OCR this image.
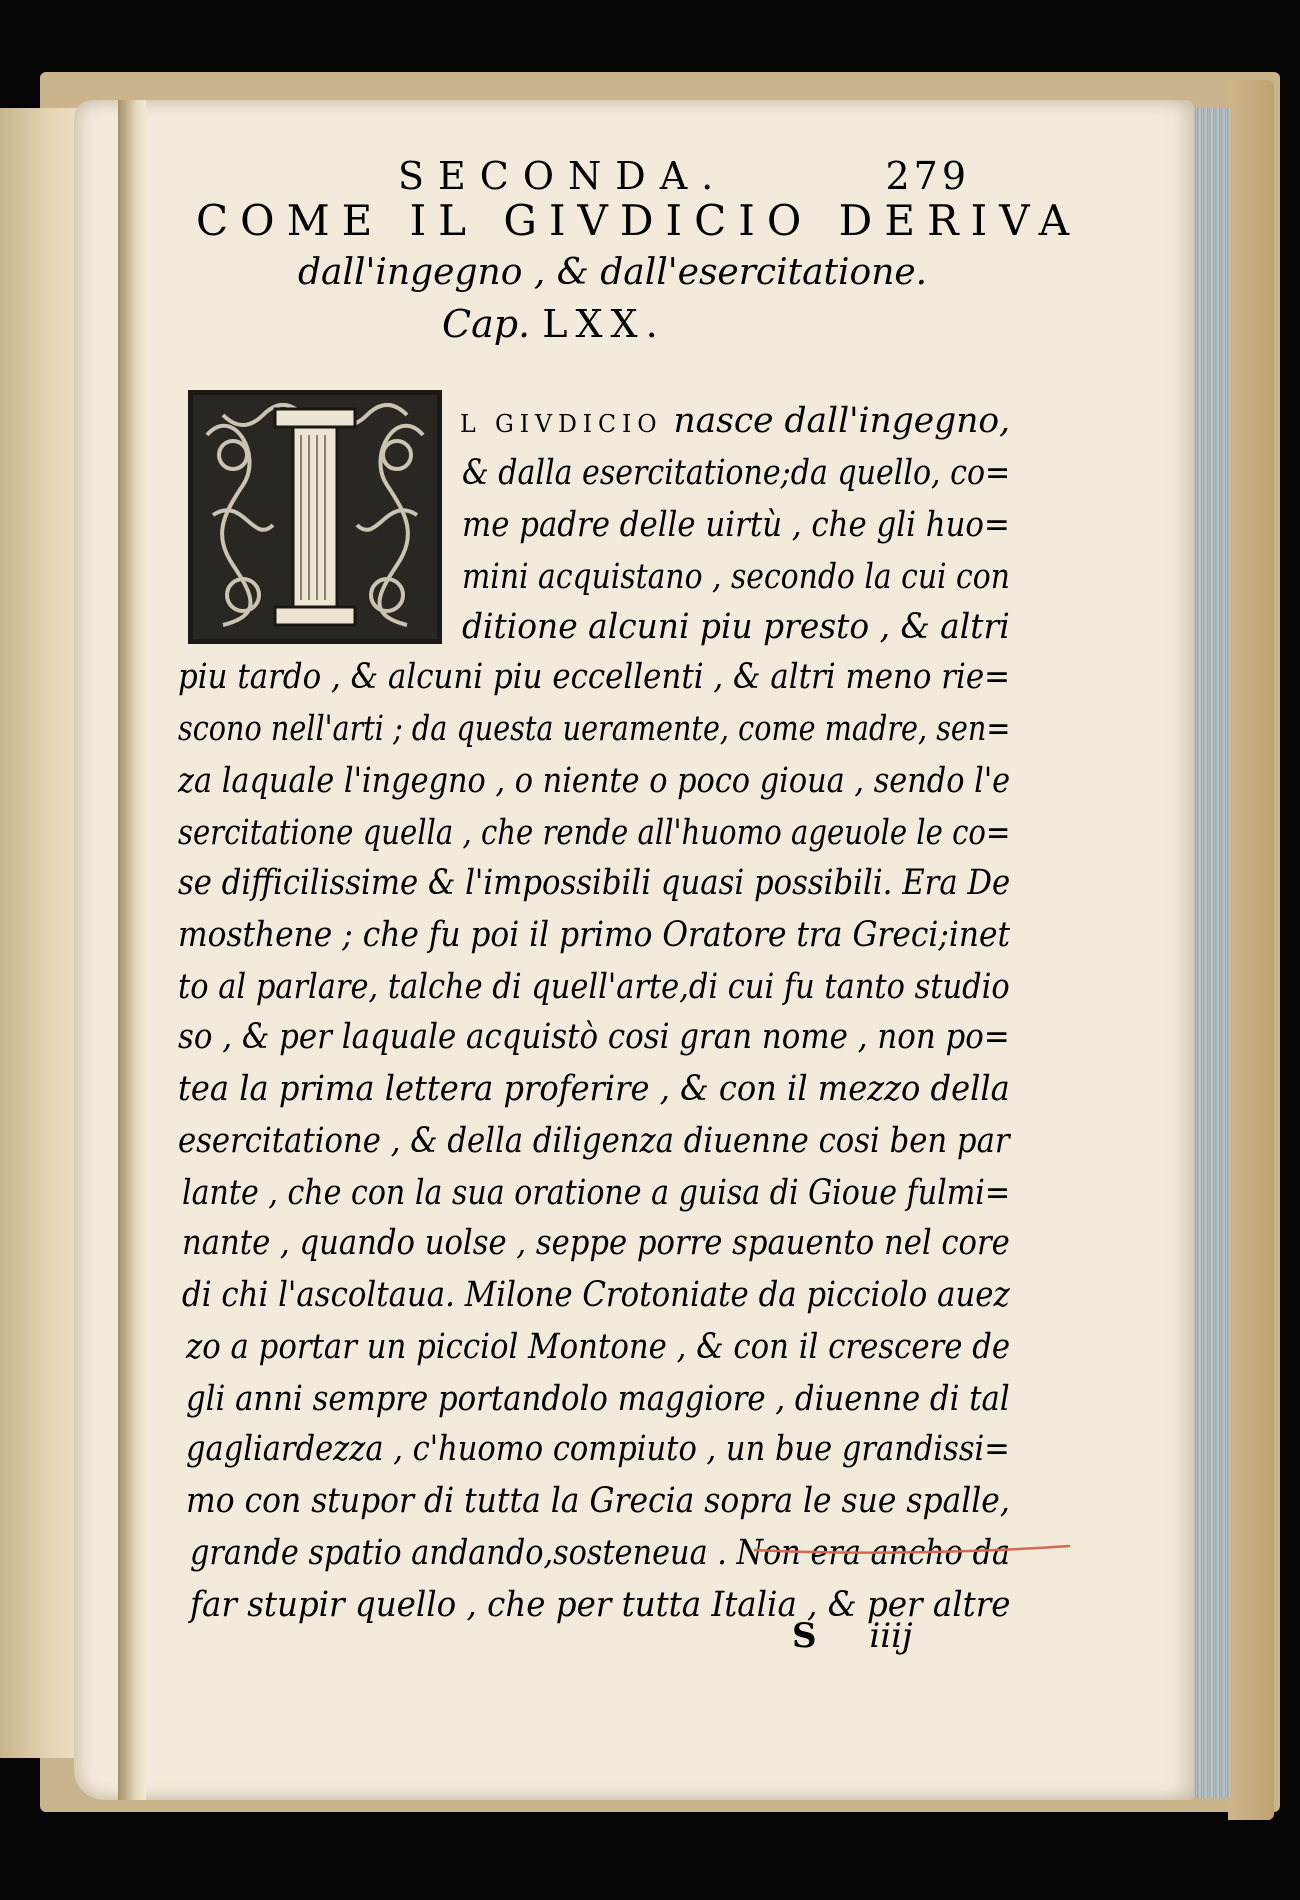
SECONDA.	279
COME IL GIVDICIO DERIVA
dall'ingegno , & dall'esercitatione.
Cap. LXX.
L GIVDICIO nasce dall'ingegno,
& dalla esercitatione;da quello, co=
me padre delle uirtù , che gli huo=
mini acquistano , secondo la cui con
ditione alcuni piu presto , & altri
piu tardo , & alcuni piu eccellenti , & altri meno rie=
scono nell'arti ; da questa ueramente, come madre, sen=
za laquale l'ingegno , o niente o poco gioua , sendo l'e
sercitatione quella , che rende all'huomo ageuole le co=
se difficilissime & l'impossibili quasi possibili. Era De
mosthene ; che fu poi il primo Oratore tra Greci;inet
to al parlare, talche di quell'arte,di cui fu tanto studio
so , & per laquale acquistò cosi gran nome , non po=
tea la prima lettera proferire , & con il mezzo della
esercitatione , & della diligenza diuenne cosi ben par
lante , che con la sua oratione a guisa di Gioue fulmi=
nante , quando uolse , seppe porre spauento nel core
di chi l'ascoltaua. Milone Crotoniate da picciolo auez
zo a portar un picciol Montone , & con il crescere de
gli anni sempre portandolo maggiore , diuenne di tal
gagliardezza , c'huomo compiuto , un bue grandissi=
mo con stupor di tutta la Grecia sopra le sue spalle,
grande spatio andando,sosteneua . Non era ancho da
far stupir quello , che per tutta Italia , & per altre
S iiij
